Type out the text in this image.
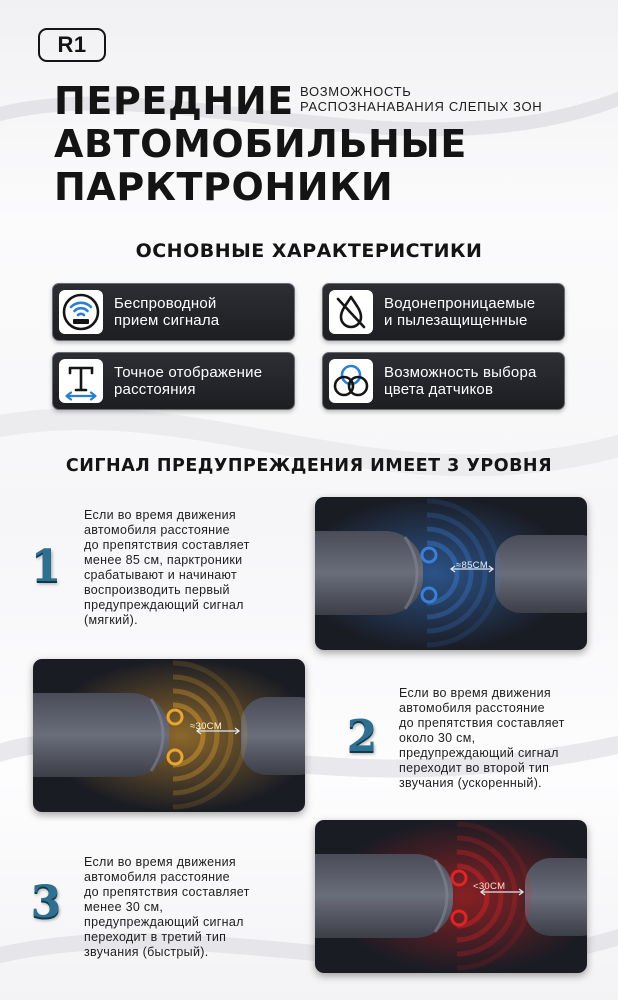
R1
ПЕРЕДНИЕ
АВТОМОБИЛЬНЫЕ
ПАРКТРОНИКИ
ВОЗМОЖНОСТЬ
РАСПОЗНАНАВАНИЯ СЛЕПЫХ ЗОН
ОСНОВНЫЕ ХАРАКТЕРИСТИКИ
Беспроводной
прием сигнала
Водонепроницаемые
и пылезащищенные
Точное отображение
расстояния
Возможность выбора
цвета датчиков
СИГНАЛ ПРЕДУПРЕЖДЕНИЯ ИМЕЕТ 3 УРОВНЯ
Если во время движения
автомобиля расстояние
до препятствия составляет
менее 85 см, парктроники
срабатывают и начинают
воспроизводить первый
предупреждающий сигнал
(мягкий).
1	≈85CM
≈30CM	2
Если во время движения
автомобиля расстояние
до препятствия составляет
около 30 см,
предупреждающий сигнал
переходит во второй тип
звучания (ускоренный).
Если во время движения
автомобиля расстояние
до препятствия составляет
менее 30 см,
предупреждающий сигнал
переходит в третий тип
звучания (быстрый).
3	<30CM
